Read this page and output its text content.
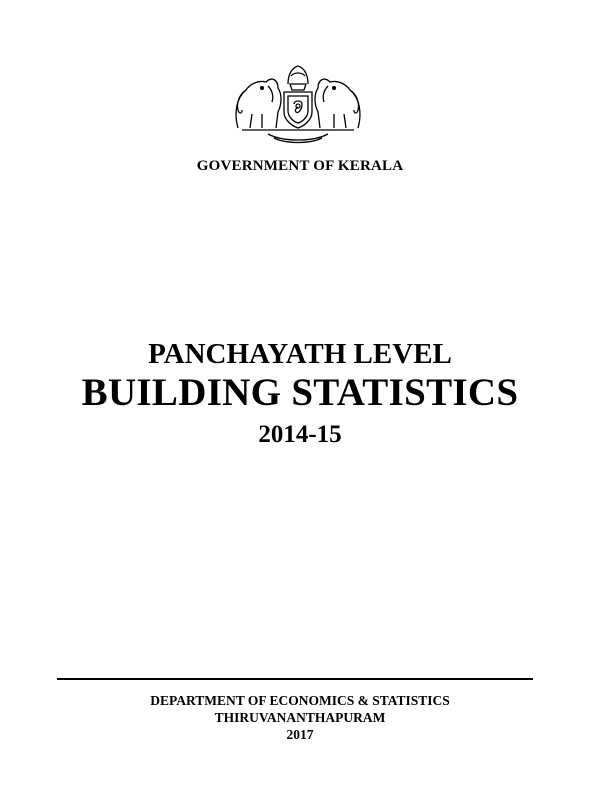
GOVERNMENT OF KERALA
PANCHAYATH LEVEL
BUILDING STATISTICS
2014-15
DEPARTMENT OF ECONOMICS & STATISTICS
THIRUVANANTHAPURAM
2017
